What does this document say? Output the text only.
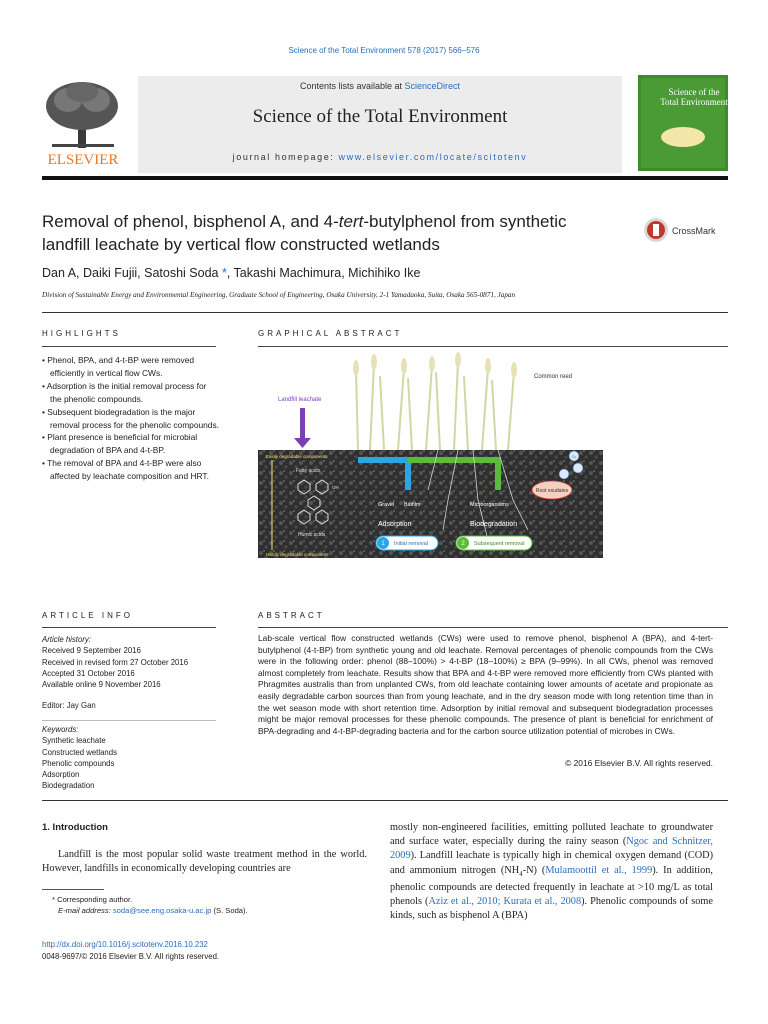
Science of the Total Environment 578 (2017) 566–576
ELSEVIER
Contents lists available at ScienceDirect
Science of the Total Environment
journal homepage: www.elsevier.com/locate/scitotenv
Science of the
Total Environment
Removal of phenol, bisphenol A, and 4-tert-butylphenol from synthetic
landfill leachate by vertical flow constructed wetlands
CrossMark
Dan A, Daiki Fujii, Satoshi Soda *, Takashi Machimura, Michihiko Ike
Division of Sustainable Energy and Environmental Engineering, Graduate School of Engineering, Osaka University, 2-1 Yamadaoka, Suita, Osaka 565-0871, Japan
HIGHLIGHTS
• Phenol, BPA, and 4-t-BP were removed efficiently in vertical flow CWs.
• Adsorption is the initial removal process for the phenolic compounds.
• Subsequent biodegradation is the major removal process for the phenolic compounds.
• Plant presence is beneficial for microbial degradation of BPA and 4-t-BP.
• The removal of BPA and 4-t-BP were also affected by leachate composition and HRT.
GRAPHICAL ABSTRACT
Common reed
Landfill leachate
Easily degradable components
Fatty acids
OH
Humic acids
Hardly degradable components
Gravel Biofilm	Microorganisms
Root exudates
O₂
Adsorption	Biodegradation
1 Initial removal	2 Subsequent removal
ARTICLE INFO
Article history:
Received 9 September 2016
Received in revised form 27 October 2016
Accepted 31 October 2016
Available online 9 November 2016
Editor: Jay Gan
Keywords:
Synthetic leachate
Constructed wetlands
Phenolic compounds
Adsorption
Biodegradation
ABSTRACT
Lab-scale vertical flow constructed wetlands (CWs) were used to remove phenol, bisphenol A (BPA), and 4-tert-butylphenol (4-t-BP) from synthetic young and old leachate. Removal percentages of phenolic compounds from the CWs were in the following order: phenol (88–100%) > 4-t-BP (18–100%) ≥ BPA (9–99%). In all CWs, phenol was removed almost completely from leachate. Results show that BPA and 4-t-BP were removed more efficiently from CWs planted with Phragmites australis than from unplanted CWs, from old leachate containing lower amounts of acetate and propionate as easily degradable carbon sources than from young leachate, and in the dry season mode with long retention time than in the wet season mode with short retention time. Adsorption by initial removal and subsequent biodegradation processes might be major removal processes for these phenolic compounds. The presence of plant is beneficial for enrichment of BPA-degrading and 4-t-BP-degrading bacteria and for the carbon source utilization potential of microbes in CWs.
© 2016 Elsevier B.V. All rights reserved.
1. Introduction
Landfill is the most popular solid waste treatment method in the world. However, landfills in economically developing countries are
mostly non-engineered facilities, emitting polluted leachate to groundwater and surface water, especially during the rainy season (Ngoc and Schnitzer, 2009). Landfill leachate is typically high in chemical oxygen demand (COD) and ammonium nitrogen $(NH_4-N)$ (Mulamoottil et al., 1999). In addition, phenolic compounds are detected frequently in leachate at >10 mg/L as total phenols (Aziz et al., 2010; Kurata et al., 2008). Phenolic compounds of some kinds, such as bisphenol A (BPA)
* Corresponding author.
E-mail address: soda@see.eng.osaka-u.ac.jp (S. Soda).
http://dx.doi.org/10.1016/j.scitotenv.2016.10.232
0048-9697/© 2016 Elsevier B.V. All rights reserved.
